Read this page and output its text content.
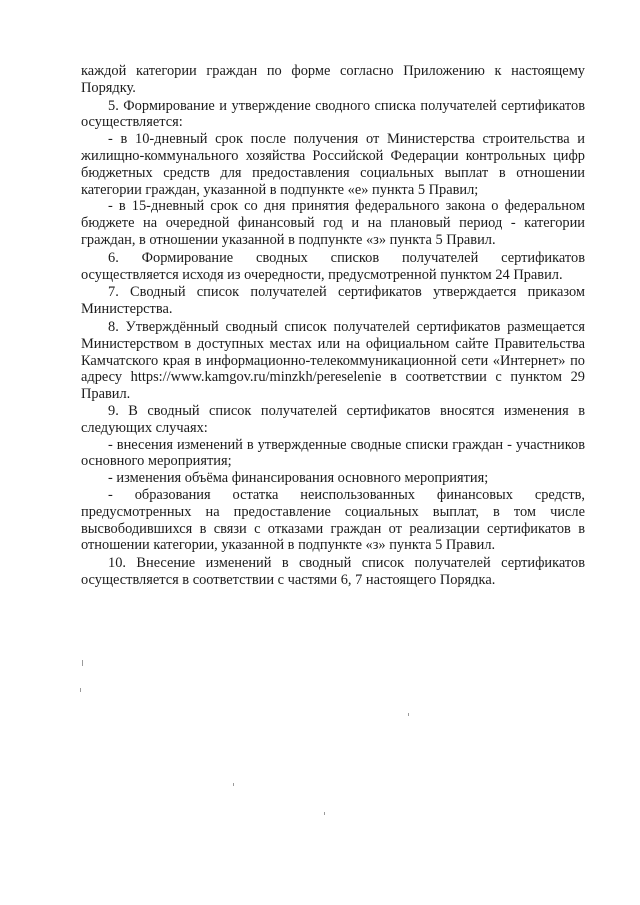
каждой категории граждан по форме согласно Приложению к настоящему Порядку.

5. Формирование и утверждение сводного списка получателей сертификатов осуществляется:

- в 10-дневный срок после получения от Министерства строительства и жилищно-коммунального хозяйства Российской Федерации контрольных цифр бюджетных средств для предоставления социальных выплат в отношении категории граждан, указанной в подпункте «е» пункта 5 Правил;

- в 15-дневный срок со дня принятия федерального закона о федеральном бюджете на очередной финансовый год и на плановый период - категории граждан, в отношении указанной в подпункте «з» пункта 5 Правил.

6. Формирование сводных списков получателей сертификатов осуществляется исходя из очередности, предусмотренной пунктом 24 Правил.

7. Сводный список получателей сертификатов утверждается приказом Министерства.

8. Утверждённый сводный список получателей сертификатов размещается Министерством в доступных местах или на официальном сайте Правительства Камчатского края в информационно-телекоммуникационной сети «Интернет» по адресу https://www.kamgov.ru/minzkh/pereselenie в соответствии с пунктом 29 Правил.

9. В сводный список получателей сертификатов вносятся изменения в следующих случаях:

- внесения изменений в утвержденные сводные списки граждан - участников основного мероприятия;

- изменения объёма финансирования основного мероприятия;

- образования остатка неиспользованных финансовых средств, предусмотренных на предоставление социальных выплат, в том числе высвободившихся в связи с отказами граждан от реализации сертификатов в отношении категории, указанной в подпункте «з» пункта 5 Правил.

10. Внесение изменений в сводный список получателей сертификатов осуществляется в соответствии с частями 6, 7 настоящего Порядка.
